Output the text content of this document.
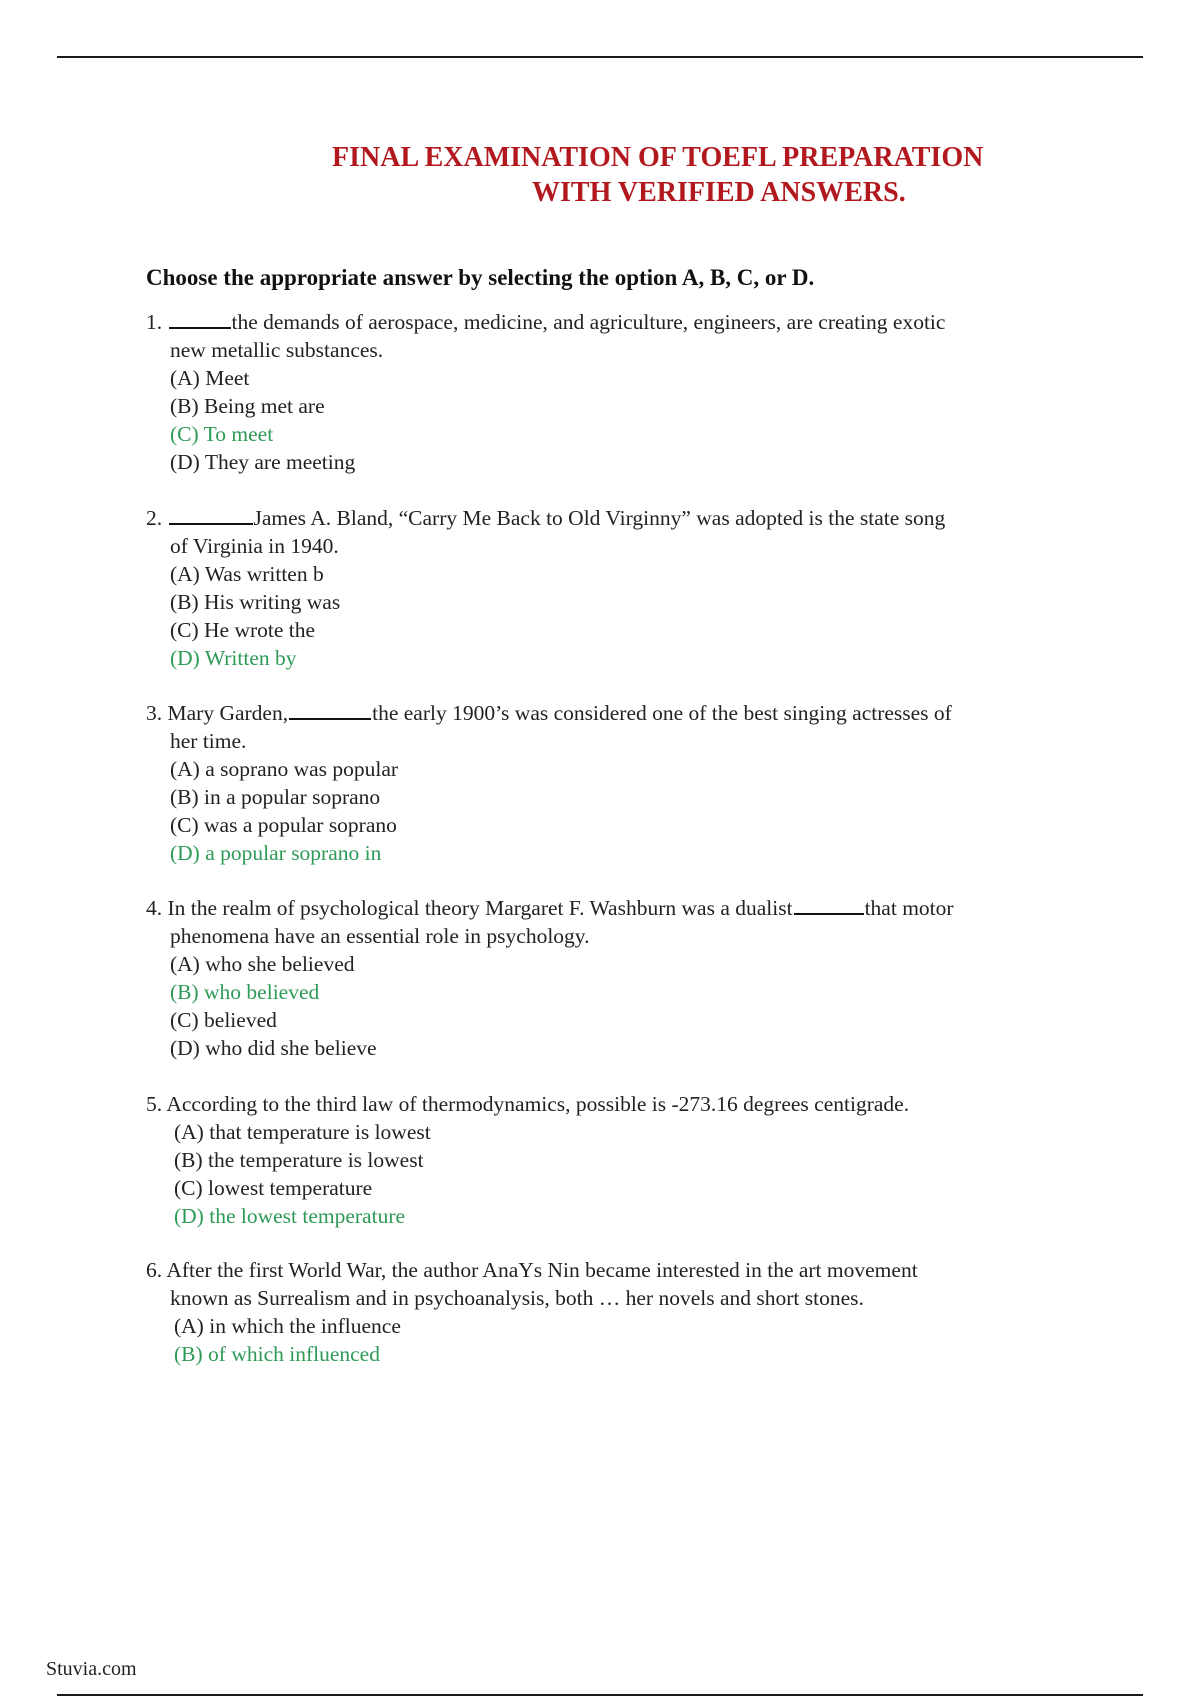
FINAL EXAMINATION OF TOEFL PREPARATION
WITH VERIFIED ANSWERS.
Choose the appropriate answer by selecting the option A, B, C, or D.
1.	the demands of aerospace, medicine, and agriculture, engineers, are creating exotic
new metallic substances.
(A) Meet
(B) Being met are
(C) To meet
(D) They are meeting
2.	James A. Bland, “Carry Me Back to Old Virginny” was adopted is the state song
of Virginia in 1940.
(A) Was written b
(B) His writing was
(C) He wrote the
(D) Written by
3. Mary Garden,	the early 1900’s was considered one of the best singing actresses of
her time.
(A) a soprano was popular
(B) in a popular soprano
(C) was a popular soprano
(D) a popular soprano in
4. In the realm of psychological theory Margaret F. Washburn was a dualist	that motor
phenomena have an essential role in psychology.
(A) who she believed
(B) who believed
(C) believed
(D) who did she believe
5. According to the third law of thermodynamics, possible is -273.16 degrees centigrade.
(A) that temperature is lowest
(B) the temperature is lowest
(C) lowest temperature
(D) the lowest temperature
6. After the first World War, the author AnaYs Nin became interested in the art movement
known as Surrealism and in psychoanalysis, both … her novels and short stones.
(A) in which the influence
(B) of which influenced
Stuvia.com
